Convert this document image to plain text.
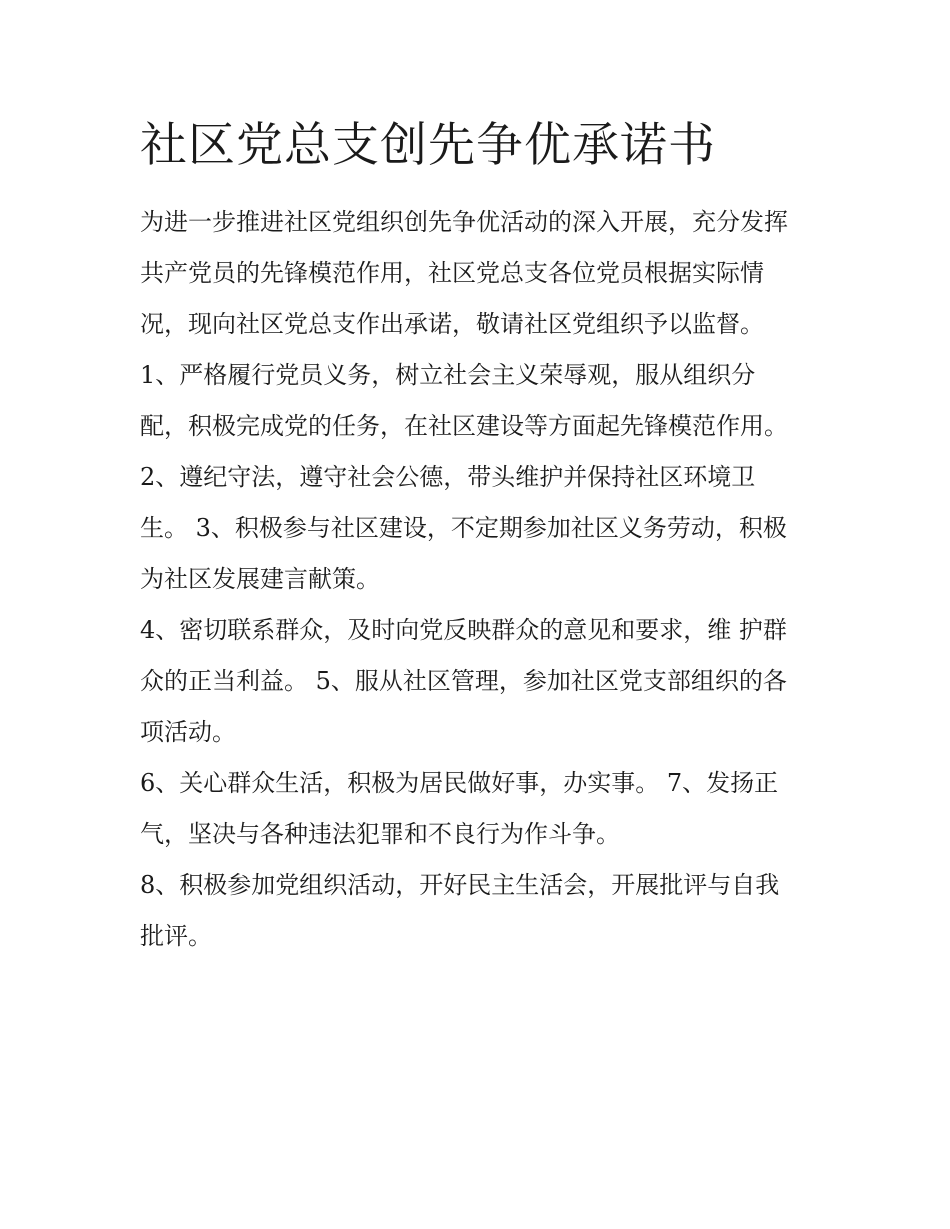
社区党总支创先争优承诺书

为进一步推进社区党组织创先争优活动的深入开展，充分发挥

共产党员的先锋模范作用，社区党总支各位党员根据实际情

况，现向社区党总支作出承诺，敬请社区党组织予以监督。

1、严格履行党员义务，树立社会主义荣辱观，服从组织分

配，积极完成党的任务，在社区建设等方面起先锋模范作用。

2、遵纪守法，遵守社会公德，带头维护并保持社区环境卫

生。 3、积极参与社区建设，不定期参加社区义务劳动，积极

为社区发展建言献策。

4、密切联系群众，及时向党反映群众的意见和要求，维 护群

众的正当利益。 5、服从社区管理，参加社区党支部组织的各

项活动。

6、关心群众生活，积极为居民做好事，办实事。 7、发扬正

气，坚决与各种违法犯罪和不良行为作斗争。

8、积极参加党组织活动，开好民主生活会，开展批评与自我

批评。
